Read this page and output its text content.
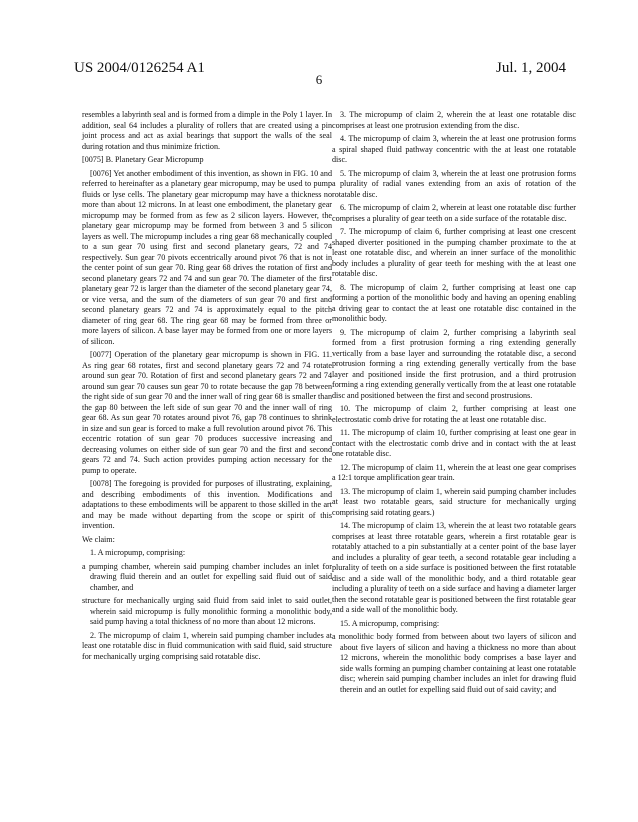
US 2004/0126254 A1	Jul. 1, 2004
6

resembles a labyrinth seal and is formed from a dimple in the Poly 1 layer. In addition, seal 64 includes a plurality of rollers that are created using a pin joint process and act as axial bearings that support the walls of the seal during rotation and thus minimize friction.

[0075] B. Planetary Gear Micropump

[0076] Yet another embodiment of this invention, as shown in FIG. 10 and referred to hereinafter as a planetary gear micropump, may be used to pump fluids or lyse cells. The planetary gear micropump may have a thickness no more than about 12 microns. In at least one embodiment, the planetary gear micropump may be formed from as few as 2 silicon layers. However, the planetary gear micropump may be formed from between 3 and 5 silicon layers as well. The micropump includes a ring gear 68 mechanically coupled to a sun gear 70 using first and second planetary gears, 72 and 74 respectively. Sun gear 70 pivots eccentrically around pivot 76 that is not in the center point of sun gear 70. Ring gear 68 drives the rotation of first and second planetary gears 72 and 74 and sun gear 70. The diameter of the first planetary gear 72 is larger than the diameter of the second planetary gear 74, or vice versa, and the sum of the diameters of sun gear 70 and first and second planetary gears 72 and 74 is approximately equal to the pitch diameter of ring gear 68. The ring gear 68 may be formed from three or more layers of silicon. A base layer may be formed from one or more layers of silicon.

[0077] Operation of the planetary gear micropump is shown in FIG. 11. As ring gear 68 rotates, first and second planetary gears 72 and 74 rotate around sun gear 70. Rotation of first and second planetary gears 72 and 74 around sun gear 70 causes sun gear 70 to rotate because the gap 78 between the right side of sun gear 70 and the inner wall of ring gear 68 is smaller than the gap 80 between the left side of sun gear 70 and the inner wall of ring gear 68. As sun gear 70 rotates around pivot 76, gap 78 continues to shrink in size and sun gear is forced to make a full revolution around pivot 76. This eccentric rotation of sun gear 70 produces successive increasing and decreasing volumes on either side of sun gear 70 and the first and second gears 72 and 74. Such action provides pumping action necessary for the pump to operate.

[0078] The foregoing is provided for purposes of illustrating, explaining, and describing embodiments of this invention. Modifications and adaptations to these embodiments will be apparent to those skilled in the art and may be made without departing from the scope or spirit of this invention.

We claim:

1. A micropump, comprising:

a pumping chamber, wherein said pumping chamber includes an inlet for drawing fluid therein and an outlet for expelling said fluid out of said chamber, and

structure for mechanically urging said fluid from said inlet to said outlet, wherein said micropump is fully monolithic forming a monolithic body, said pump having a total thickness of no more than about 12 microns.

2. The micropump of claim 1, wherein said pumping chamber includes at least one rotatable disc in fluid communication with said fluid, said structure for mechanically urging comprising said rotatable disc.

3. The micropump of claim 2, wherein the at least one rotatable disc comprises at least one protrusion extending from the disc.

4. The micropump of claim 3, wherein the at least one protrusion forms a spiral shaped fluid pathway concentric with the at least one rotatable disc.

5. The micropump of claim 3, wherein the at least one protrusion forms a plurality of radial vanes extending from an axis of rotation of the rotatable disc.

6. The micropump of claim 2, wherein at least one rotatable disc further comprises a plurality of gear teeth on a side surface of the rotatable disc.

7. The micropump of claim 6, further comprising at least one crescent shaped diverter positioned in the pumping chamber proximate to the at least one rotatable disc, and wherein an inner surface of the monolithic body includes a plurality of gear teeth for meshing with the at least one rotatable disc.

8. The micropump of claim 2, further comprising at least one cap forming a portion of the monolithic body and having an opening enabling a driving gear to contact the at least one rotatable disc contained in the monolithic body.

9. The micropump of claim 2, further comprising a labyrinth seal formed from a first protrusion forming a ring extending generally vertically from a base layer and surrounding the rotatable disc, a second protrusion forming a ring extending generally vertically from the base layer and positioned inside the first protrusion, and a third protrusion forming a ring extending generally vertically from the at least one rotatable disc and positioned between the first and second prostrusions.

10. The micropump of claim 2, further comprising at least one electrostatic comb drive for rotating the at least one rotatable disc.

11. The micropump of claim 10, further comprising at least one gear in contact with the electrostatic comb drive and in contact with the at least one rotatable disc.

12. The micropump of claim 11, wherein the at least one gear comprises a 12:1 torque amplification gear train.

13. The micropump of claim 1, wherein said pumping chamber includes at least two rotatable gears, said structure for mechanically urging comprising said rotating gears.)

14. The micropump of claim 13, wherein the at least two rotatable gears comprises at least three rotatable gears, wherein a first rotatable gear is rotatably attached to a pin substantially at a center point of the base layer and includes a plurality of gear teeth, a second rotatable gear including a plurality of teeth on a side surface is positioned between the first rotatable disc and a side wall of the monolithic body, and a third rotatable gear including a plurality of teeth on a side surface and having a diameter larger then the second rotatable gear is positioned between the first rotatable gear and a side wall of the monolithic body.

15. A micropump, comprising:

a monolithic body formed from between about two layers of silicon and about five layers of silicon and having a thickness no more than about 12 microns, wherein the monolithic body comprises a base layer and side walls forming an pumping chamber containing at least one rotatable disc; wherein said pumping chamber includes an inlet for drawing fluid therein and an outlet for expelling said fluid out of said cavity; and
